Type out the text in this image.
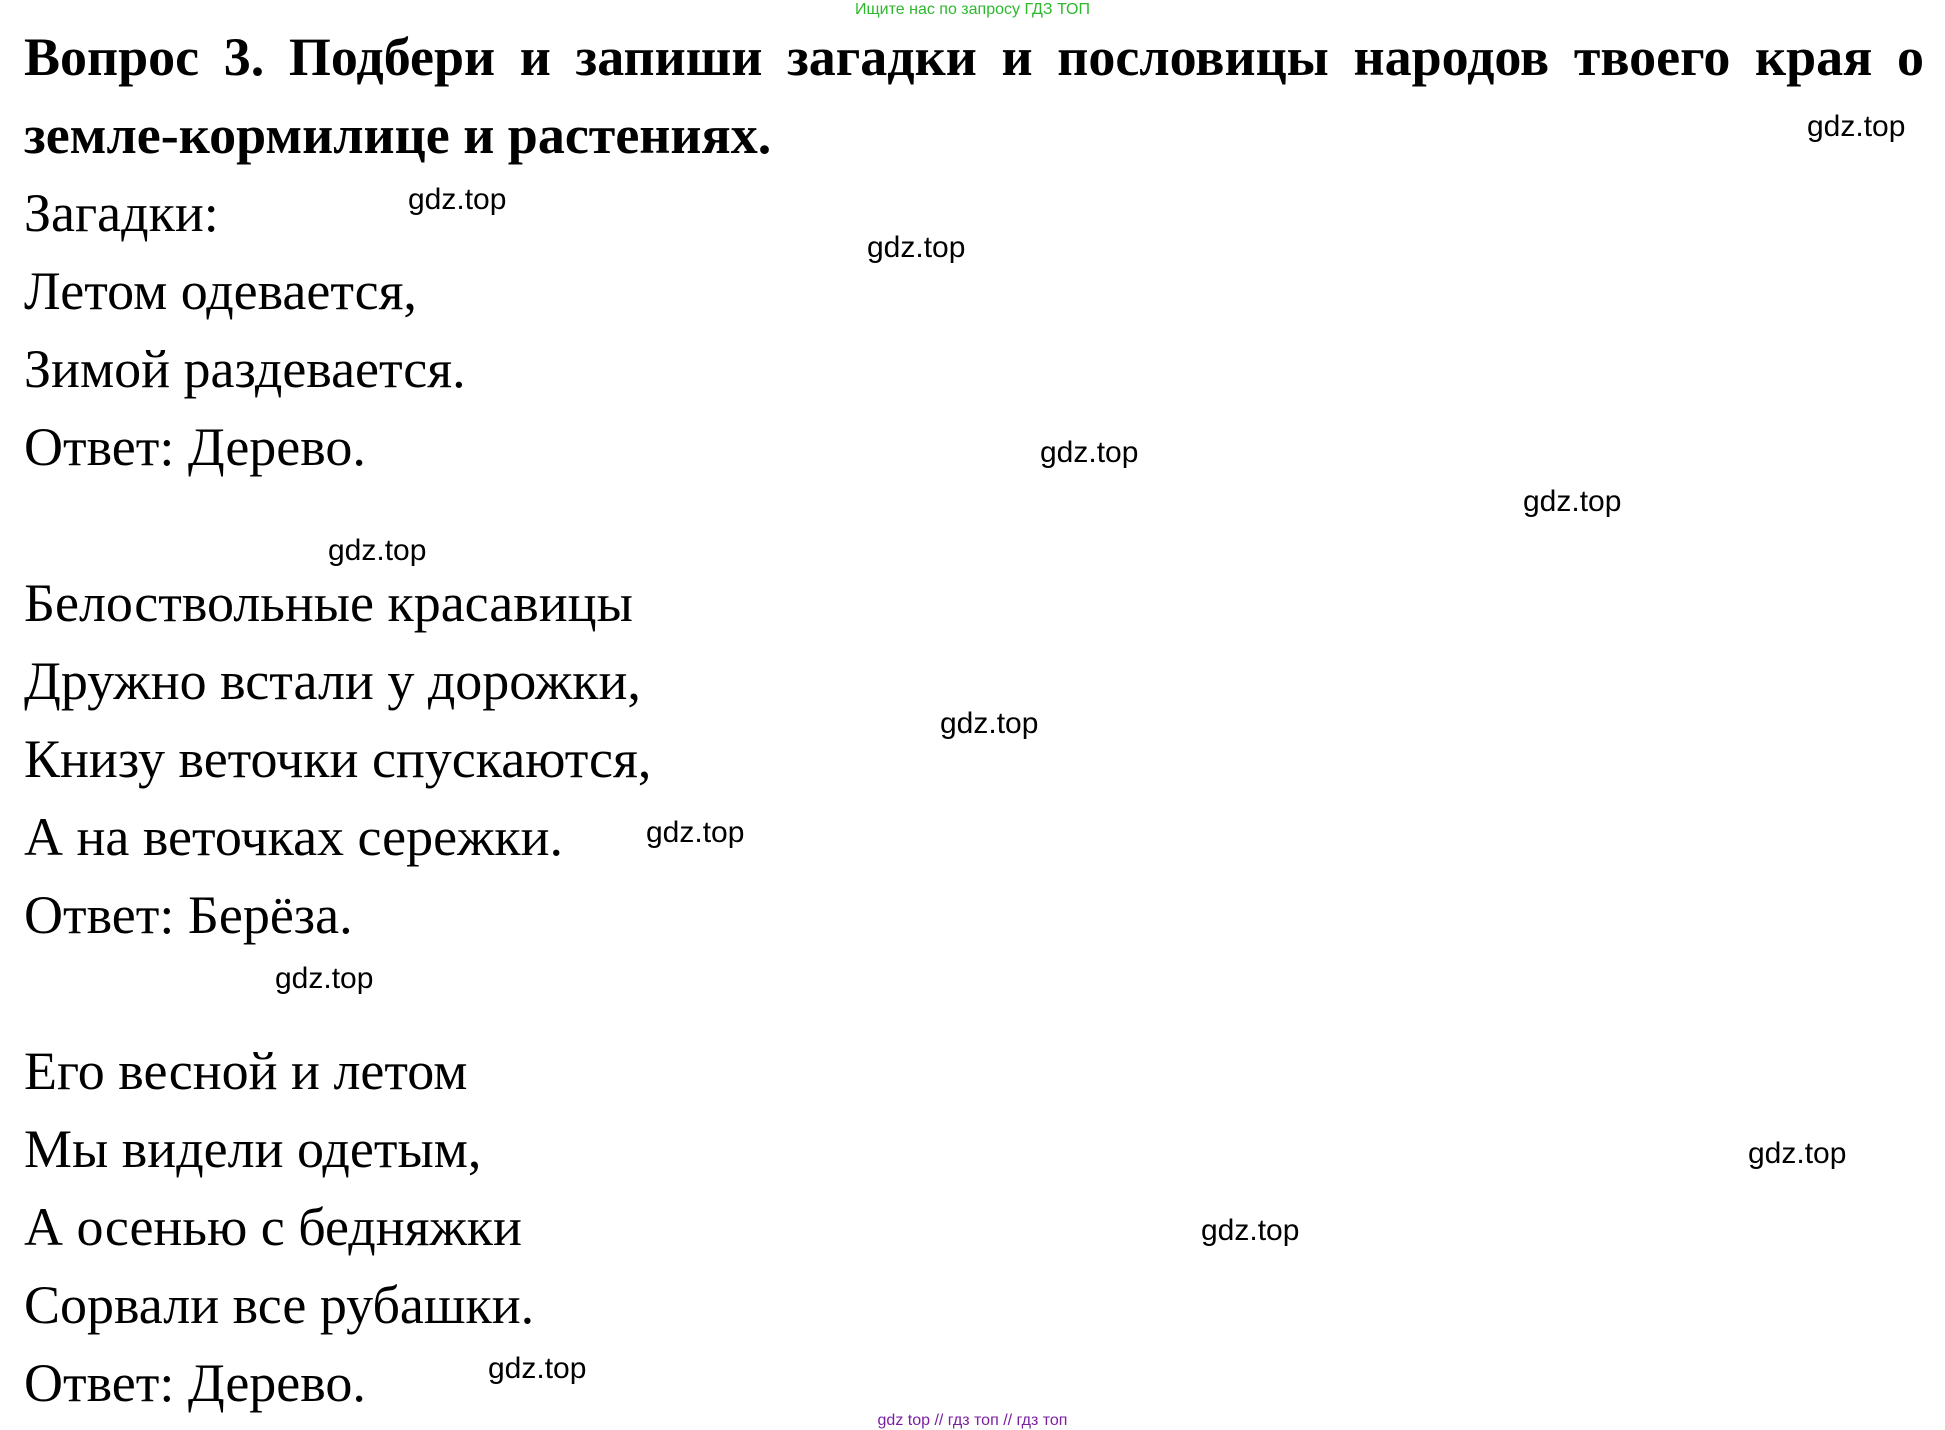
Ищите нас по запросу ГДЗ ТОП

Вопрос 3. Подбери и запиши загадки и пословицы народов твоего края о земле-кормилице и растениях.

Загадки:

Летом одевается,

Зимой раздевается.

Ответ: Дерево.

Белоствольные красавицы

Дружно встали у дорожки,

Книзу веточки спускаются,

А на веточках сережки.

Ответ: Берёза.

Его весной и летом

Мы видели одетым,

А осенью с бедняжки

Сорвали все рубашки.

Ответ: Дерево.

gdz.top
gdz.top
gdz.top
gdz.top
gdz.top
gdz.top
gdz.top
gdz.top
gdz.top
gdz.top
gdz.top
gdz.top
gdz top // гдз топ // гдз топ
